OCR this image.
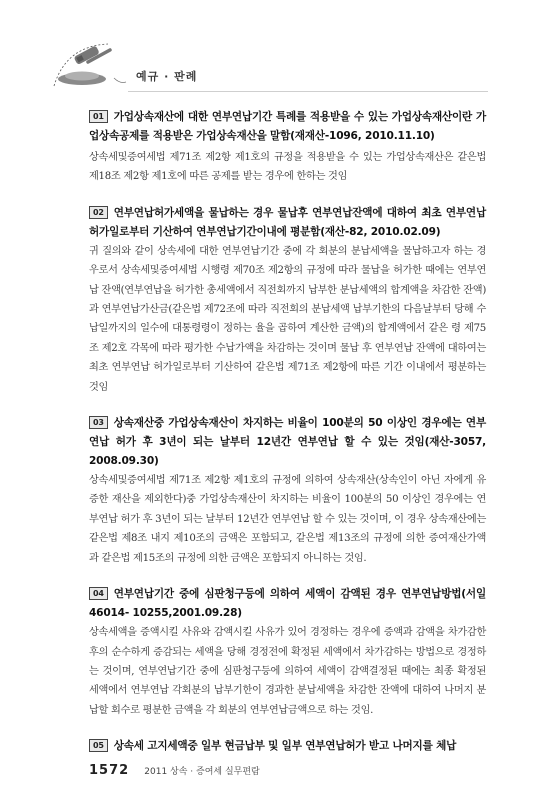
예규 · 판례
01 가업상속재산에 대한 연부연납기간 특례를 적용받을 수 있는 가업상속재산이란 가업상속공제를 적용받은 가업상속재산을 말함(재재산-1096, 2010.11.10)
상속세및증여세법 제71조 제2항 제1호의 규정을 적용받을 수 있는 가업상속재산은 같은법 제18조 제2항 제1호에 따른 공제를 받는 경우에 한하는 것임
02 연부연납허가세액을 물납하는 경우 물납후 연부연납잔액에 대하여 최초 연부연납허가일로부터 기산하여 연부연납기간이내에 평분함(재산-82, 2010.02.09)
귀 질의와 같이 상속세에 대한 연부연납기간 중에 각 회분의 분납세액을 물납하고자 하는 경우로서 상속세및증여세법 시행령 제70조 제2항의 규정에 따라 물납을 허가한 때에는 연부연납 잔액(연부연납을 허가한 총세액에서 직전회까지 납부한 분납세액의 합계액을 차감한 잔액)과 연부연납가산금(같은법 제72조에 따라 직전회의 분납세액 납부기한의 다음날부터 당해 수납일까지의 일수에 대통령령이 정하는 율을 곱하여 계산한 금액)의 합계액에서 같은 령 제75조 제2호 각목에 따라 평가한 수납가액을 차감하는 것이며 물납 후 연부연납 잔액에 대하여는 최초 연부연납 허가일로부터 기산하여 같은법 제71조 제2항에 따른 기간 이내에서 평분하는 것임
03 상속재산중 가업상속재산이 차지하는 비율이 100분의 50 이상인 경우에는 연부연납 허가 후 3년이 되는 날부터 12년간 연부연납 할 수 있는 것임(재산-3057, 2008.09.30)
상속세및증여세법 제71조 제2항 제1호의 규정에 의하여 상속재산(상속인이 아닌 자에게 유증한 재산을 제외한다)중 가업상속재산이 차지하는 비율이 100분의 50 이상인 경우에는 연부연납 허가 후 3년이 되는 날부터 12년간 연부연납 할 수 있는 것이며, 이 경우 상속재산에는 같은법 제8조 내지 제10조의 금액은 포함되고, 같은법 제13조의 규정에 의한 증여재산가액과 같은법 제15조의 규정에 의한 금액은 포함되지 아니하는 것임.
04 연부연납기간 중에 심판청구등에 의하여 세액이 감액된 경우 연부연납방법(서일46014- 10255,2001.09.28)
상속세액을 증액시킬 사유와 감액시킬 사유가 있어 경정하는 경우에 증액과 감액을 차가감한 후의 순수하게 증감되는 세액을 당해 경정전에 확정된 세액에서 차가감하는 방법으로 경정하는 것이며, 연부연납기간 중에 심판청구등에 의하여 세액이 감액결정된 때에는 최종 확정된 세액에서 연부연납 각회분의 납부기한이 경과한 분납세액을 차감한 잔액에 대하여 나머지 분납할 회수로 평분한 금액을 각 회분의 연부연납금액으로 하는 것임.
05 상속세 고지세액중 일부 현금납부 및 일부 연부연납허가 받고 나머지를 체납
1572 2011 상속 · 증여세 실무편람
